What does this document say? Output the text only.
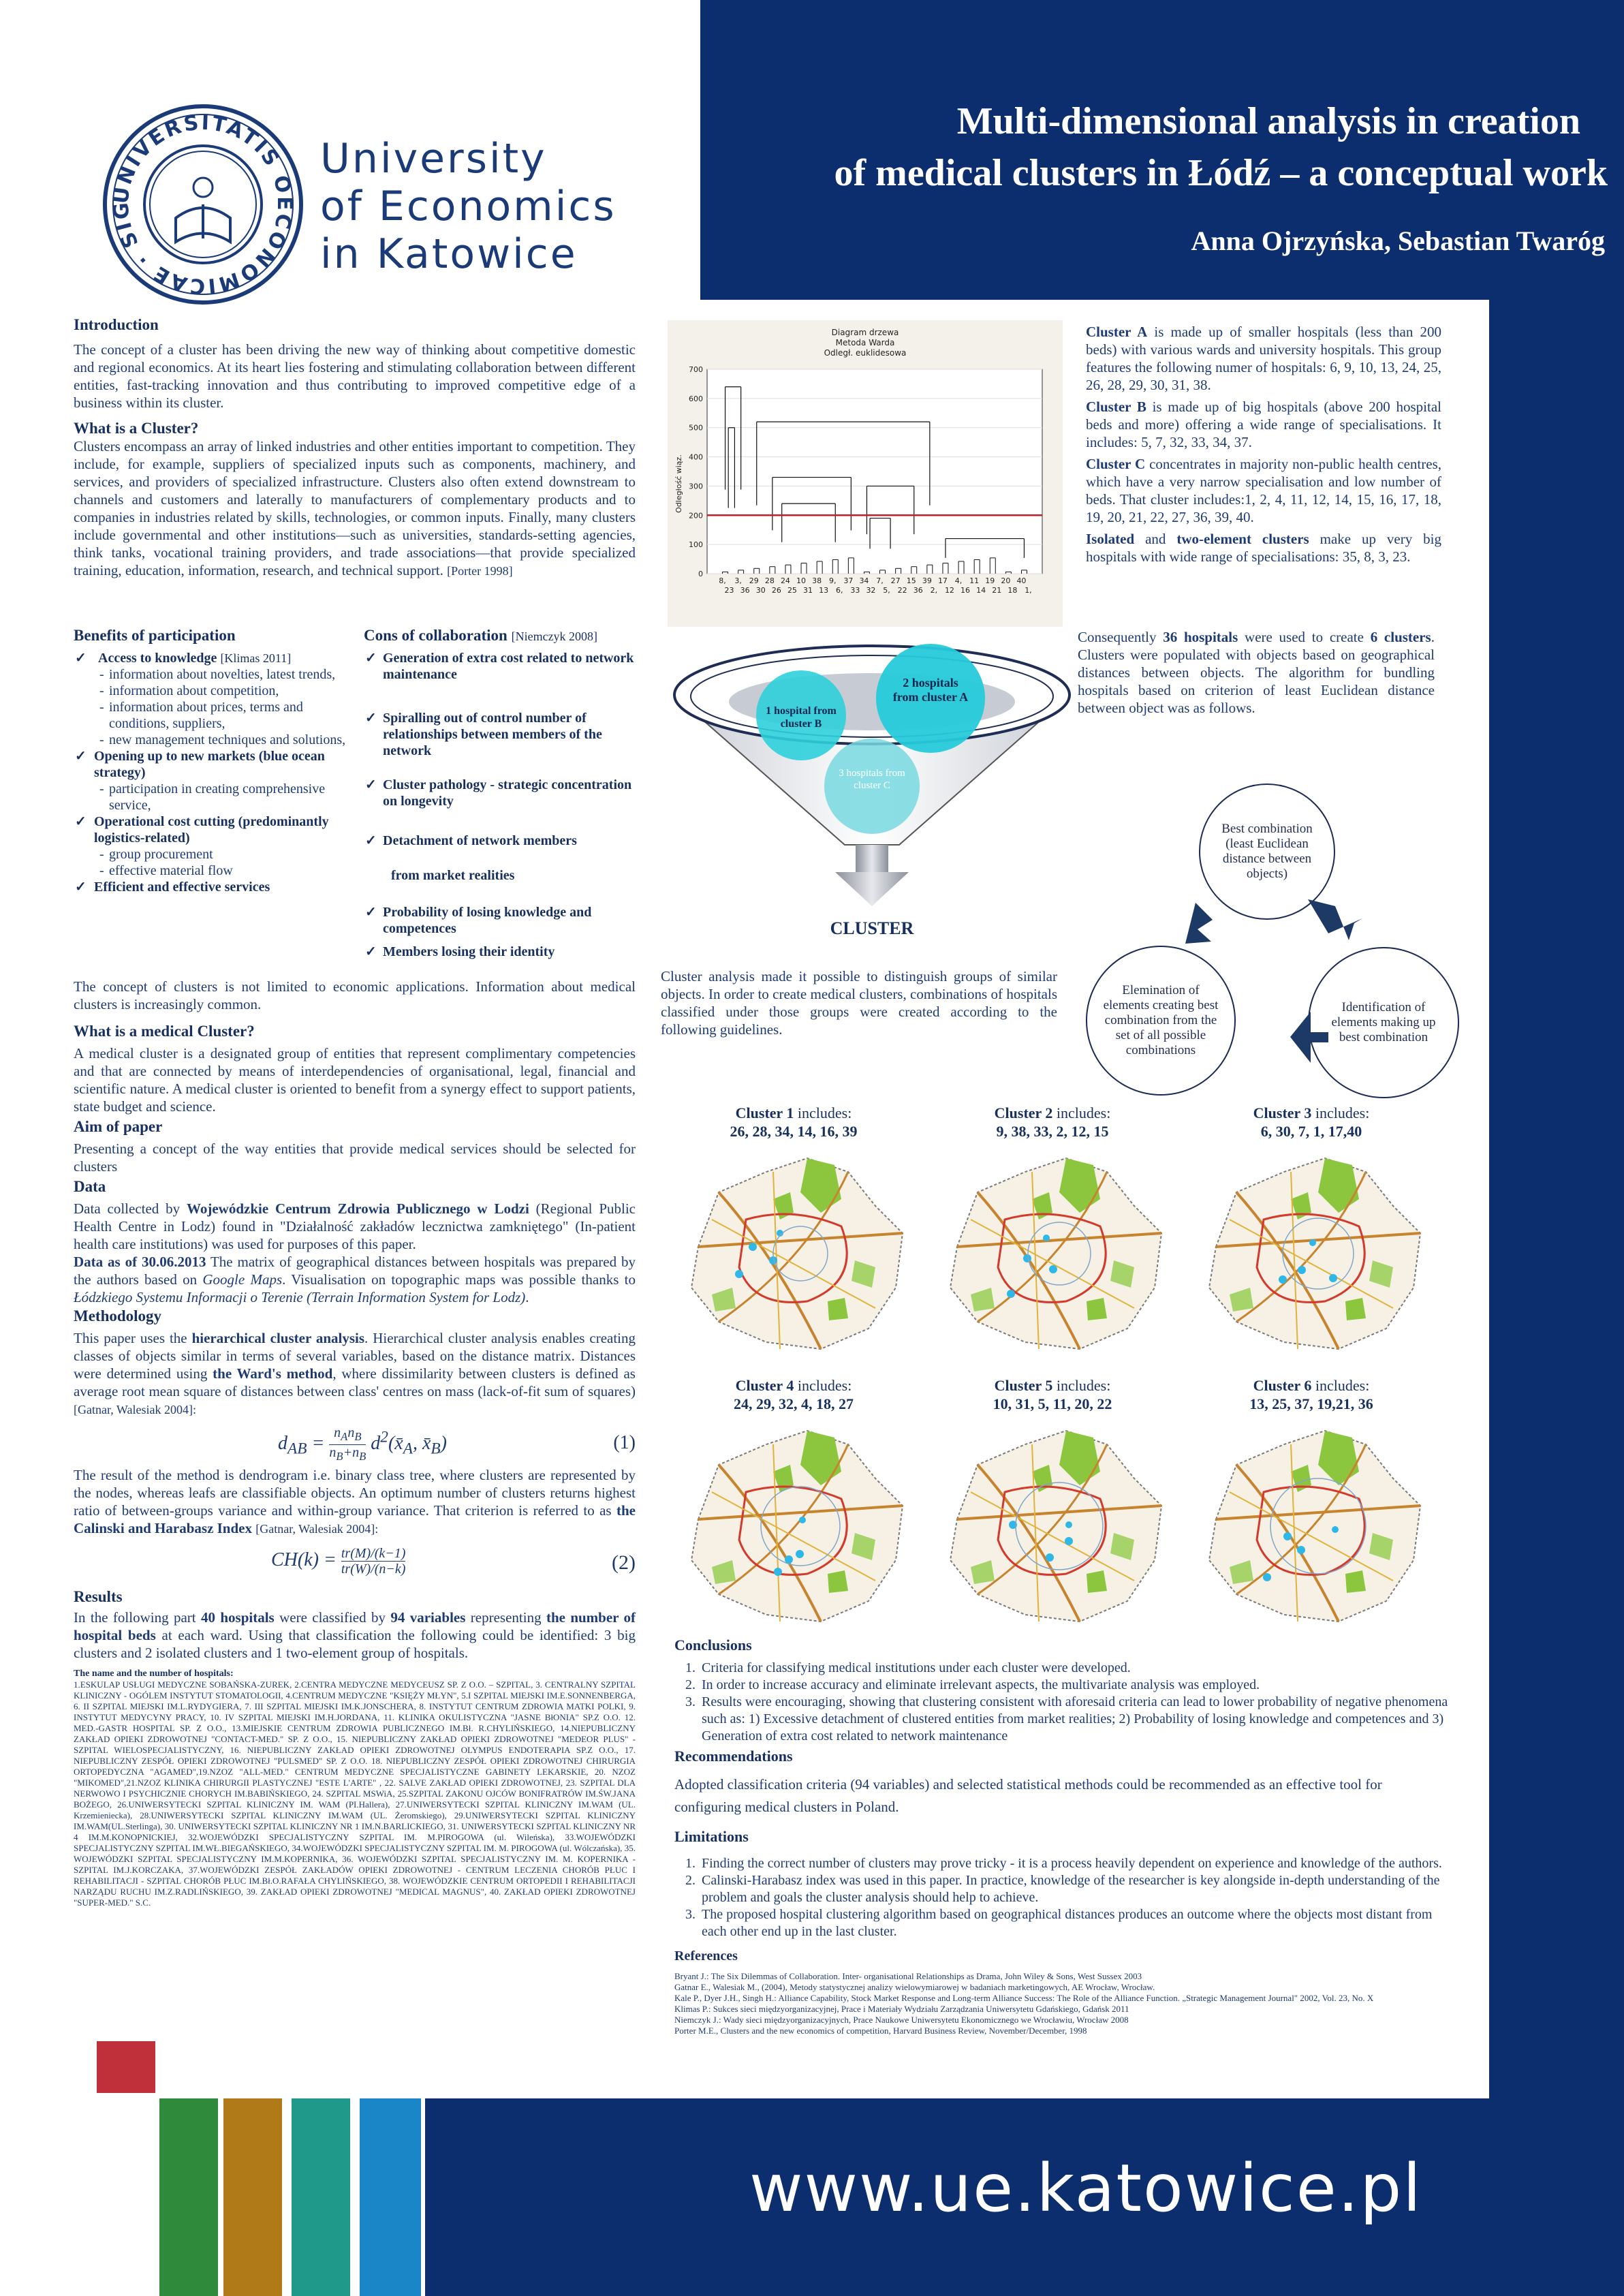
UNIVERSITATIS OECONOMICAE · SIG
University
of Economics
in Katowice
Multi-dimensional analysis in creation
of medical clusters in Łódź – a conceptual work
Anna Ojrzyńska, Sebastian Twaróg

Introduction

The concept of a cluster has been driving the new way of thinking about competitive domestic and regional economics. At its heart lies fostering and stimulating collaboration between different entities, fast-tracking innovation and thus contributing to improved competitive edge of a business within its cluster.

What is a Cluster?

Clusters encompass an array of linked industries and other entities important to competition. They include, for example, suppliers of specialized inputs such as components, machinery, and services, and providers of specialized infrastructure. Clusters also often extend downstream to channels and customers and laterally to manufacturers of complementary products and to companies in industries related by skills, technologies, or common inputs. Finally, many clusters include governmental and other institutions—such as universities, standards-setting agencies, think tanks, vocational training providers, and trade associations—that provide specialized training, education, information, research, and technical support. [Porter 1998]

Benefits of participation

✓ Access to knowledge [Klimas 2011]
- information about novelties, latest trends,
- information about competition,
- information about prices, terms and conditions, suppliers,
- new management techniques and solutions,
✓ Opening up to new markets (blue ocean strategy)
- participation in creating comprehensive service,
✓ Operational cost cutting (predominantly logistics-related)
- group procurement
- effective material flow
✓ Efficient and effective services

Cons of collaboration [Niemczyk 2008]

✓ Generation of extra cost related to network maintenance
✓ Spiralling out of control number of relationships between members of the network
✓ Cluster pathology - strategic concentration on longevity
✓ Detachment of network members
from market realities
✓ Probability of losing knowledge and competences
✓ Members losing their identity

The concept of clusters is not limited to economic applications. Information about medical clusters is increasingly common.

What is a medical Cluster?

A medical cluster is a designated group of entities that represent complimentary competencies and that are connected by means of interdependencies of organisational, legal, financial and scientific nature. A medical cluster is oriented to benefit from a synergy effect to support patients, state budget and science.

Aim of paper

Presenting a concept of the way entities that provide medical services should be selected for clusters

Data

Data collected by Wojewódzkie Centrum Zdrowia Publicznego w Lodzi (Regional Public Health Centre in Lodz) found in "Działalność zakładów lecznictwa zamkniętego" (In-patient health care institutions) was used for purposes of this paper.

Data as of 30.06.2013 The matrix of geographical distances between hospitals was prepared by the authors based on Google Maps. Visualisation on topographic maps was possible thanks to Łódzkiego Systemu Informacji o Terenie (Terrain Information System for Lodz).

Methodology

This paper uses the hierarchical cluster analysis. Hierarchical cluster analysis enables creating classes of objects similar in terms of several variables, based on the distance matrix. Distances were determined using the Ward's method, where dissimilarity between clusters is defined as average root mean square of distances between class' centres on mass (lack-of-fit sum of squares) [Gatnar, Walesiak 2004]:

$d_{AB} = n_An_B$
$n_B+n_B$
$d^2(x̄_A$, $x̄_B$)	(1)

The result of the method is dendrogram i.e. binary class tree, where clusters are represented by the nodes, whereas leafs are classifiable objects. An optimum number of clusters returns highest ratio of between-groups variance and within-group variance. That criterion is referred to as the Calinski and Harabasz Index [Gatnar, Walesiak 2004]:

$CH(k) = \frac{tr(M)/(k-1)}{tr(W)/(n-k)}$	(2)

Results

In the following part 40 hospitals were classified by 94 variables representing the number of hospital beds at each ward. Using that classification the following could be identified: 3 big clusters and 2 isolated clusters and 1 two-element group of hospitals.

The name and the number of hospitals:

1.ESKULAP USŁUGI MEDYCZNE SOBAŃSKA-ZUREK, 2.CENTRA MEDYCZNE MEDYCEUSZ SP. Z O.O. – SZPITAL, 3. CENTRALNY SZPITAL KLINICZNY - OGÓLEM INSTYTUT STOMATOLOGII, 4.CENTRUM MEDYCZNE "KSIĘŻY MŁYN", 5.I SZPITAL MIEJSKI IM.E.SONNENBERGA, 6. II SZPITAL MIEJSKI IM.L.RYDYGIERA, 7. III SZPITAL MIEJSKI IM.K.JONSCHERA, 8. INSTYTUT CENTRUM ZDROWIA MATKI POLKI, 9. INSTYTUT MEDYCYNY PRACY, 10. IV SZPITAL MIEJSKI IM.H.JORDANA, 11. KLINIKA OKULISTYCZNA "JASNE BłONIA" SP.Z O.O. 12. MED.-GASTR HOSPITAL SP. Z O.O., 13.MIEJSKIE CENTRUM ZDROWIA PUBLICZNEGO IM.Bł. R.CHYLIŃSKIEGO, 14.NIEPUBLICZNY ZAKŁAD OPIEKI ZDROWOTNEJ "CONTACT-MED." SP. Z O.O., 15. NIEPUBLICZNY ZAKŁAD OPIEKI ZDROWOTNEJ "MEDEOR PLUS" - SZPITAL WIELOSPECJALISTYCZNY, 16. NIEPUBLICZNY ZAKŁAD OPIEKI ZDROWOTNEJ OLYMPUS ENDOTERAPIA SP.Z O.O., 17. NIEPUBLICZNY ZESPÓŁ OPIEKI ZDROWOTNEJ "PULSMED" SP. Z O.O. 18. NIEPUBLICZNY ZESPÓŁ OPIEKI ZDROWOTNEJ CHIRURGIA ORTOPEDYCZNA "AGAMED",19.NZOZ "ALL-MED." CENTRUM MEDYCZNE SPECJALISTYCZNE GABINETY LEKARSKIE, 20. NZOZ "MIKOMED",21.NZOZ KLINIKA CHIRURGII PLASTYCZNEJ "ESTE L'ARTE" , 22. SALVE ZAKŁAD OPIEKI ZDROWOTNEJ, 23. SZPITAL DLA NERWOWO I PSYCHICZNIE CHORYCH IM.BABIŃSKIEGO, 24. SZPITAL MSWiA, 25.SZPITAL ZAKONU OJCÓW BONIFRATRÓW IM.ŚW.JANA BOŻEGO, 26.UNIWERSYTECKI SZPITAL KLINICZNY IM. WAM (PI.Hallera), 27.UNIWERSYTECKI SZPITAL KLINICZNY IM.WAM (UL. Krzemieniecka), 28.UNIWERSYTECKI SZPITAL KLINICZNY IM.WAM (UL. Żeromskiego), 29.UNIWERSYTECKI SZPITAL KLINICZNY IM.WAM(UL.Sterlinga), 30. UNIWERSYTECKI SZPITAL KLINICZNY NR 1 IM.N.BARLICKIEGO, 31. UNIWERSYTECKI SZPITAL KLINICZNY NR 4 IM.M.KONOPNICKIEJ, 32.WOJEWÓDZKI SPECJALISTYCZNY SZPITAL IM. M.PIROGOWA (ul. Wileńska), 33.WOJEWÓDZKI SPECJALISTYCZNY SZPITAL IM.WŁ.BIEGAŃSKIEGO, 34.WOJEWÓDZKI SPECJALISTYCZNY SZPITAL IM. M. PIROGOWA (ul. Wólczańska), 35. WOJEWÓDZKI SZPITAL SPECJALISTYCZNY IM.M.KOPERNIKA, 36. WOJEWÓDZKI SZPITAL SPECJALISTYCZNY IM. M. KOPERNIKA -SZPITAL IM.J.KORCZAKA, 37.WOJEWÓDZKI ZESPÓŁ ZAKŁADÓW OPIEKI ZDROWOTNEJ - CENTRUM LECZENIA CHORÓB PŁUC I REHABILITACJI - SZPITAL CHORÓB PŁUC IM.Bł.O.RAFAŁA CHYLIŃSKIEGO, 38. WOJEWÓDZKIE CENTRUM ORTOPEDII I REHABILITACJI NARZĄDU RUCHU IM.Z.RADLIŃSKIEGO, 39. ZAKŁAD OPIEKI ZDROWOTNEJ "MEDICAL MAGNUS", 40. ZAKŁAD OPIEKI ZDROWOTNEJ "SUPER-MED." S.C.

Diagram drzewa
Metoda Warda
Odległ. euklidesowa
Odległość wiąz.
0
100
200
300
400
500
600
700
8,
23
3,
36
29
30
28
26
24
25
10
31
38
13
9,
6,
37
33
34
32
7,
5,
27
22
15
36
39
2,
17
12
4,
16
11
14
19
21
20
18
40
1,

Cluster A is made up of smaller hospitals (less than 200 beds) with various wards and university hospitals. This group features the following numer of hospitals: 6, 9, 10, 13, 24, 25, 26, 28, 29, 30, 31, 38.

Cluster B is made up of big hospitals (above 200 hospital beds and more) offering a wide range of specialisations. It includes: 5, 7, 32, 33, 34, 37.

Cluster C concentrates in majority non-public health centres, which have a very narrow specialisation and low number of beds. That cluster includes:1, 2, 4, 11, 12, 14, 15, 16, 17, 18, 19, 20, 21, 22, 27, 36, 39, 40.

Isolated and two-element clusters make up very big hospitals with wide range of specialisations: 35, 8, 3, 23.

Consequently 36 hospitals were used to create 6 clusters. Clusters were populated with objects based on geographical distances between objects. The algorithm for bundling hospitals based on criterion of least Euclidean distance between object was as follows.

1 hospital from cluster B
2 hospitals from cluster A
3 hospitals from cluster C
CLUSTER
Best combination (least Euclidean distance between objects)
Identification of elements making up best combination
Elemination of elements creating best combination from the set of all possible combinations

Cluster analysis made it possible to distinguish groups of similar objects. In order to create medical clusters, combinations of hospitals classified under those groups were created according to the following guidelines.

Cluster 1 includes:
26, 28, 34, 14, 16, 39
Cluster 2 includes:
9, 38, 33, 2, 12, 15
Cluster 3 includes:
6, 30, 7, 1, 17,40
Cluster 4 includes:
24, 29, 32, 4, 18, 27
Cluster 5 includes:
10, 31, 5, 11, 20, 22
Cluster 6 includes:
13, 25, 37, 19,21, 36

Conclusions

1. Criteria for classifying medical institutions under each cluster were developed.
2. In order to increase accuracy and eliminate irrelevant aspects, the multivariate analysis was employed.
3. Results were encouraging, showing that clustering consistent with aforesaid criteria can lead to lower probability of negative phenomena such as: 1) Excessive detachment of clustered entities from market realities; 2) Probability of losing knowledge and competences and 3) Generation of extra cost related to network maintenance

Recommendations

Adopted classification criteria (94 variables) and selected statistical methods could be recommended as an effective tool for configuring medical clusters in Poland.

Limitations

1. Finding the correct number of clusters may prove tricky - it is a process heavily dependent on experience and knowledge of the authors.
2. Calinski-Harabasz index was used in this paper. In practice, knowledge of the researcher is key alongside in-depth understanding of the problem and goals the cluster analysis should help to achieve.
3. The proposed hospital clustering algorithm based on geographical distances produces an outcome where the objects most distant from each other end up in the last cluster.

References

Bryant J.: The Six Dilemmas of Collaboration. Inter- organisational Relationships as Drama, John Wiley & Sons, West Sussex 2003
Gatnar E., Walesiak M., (2004), Metody statystycznej analizy wielowymiarowej w badaniach marketingowych, AE Wrocław, Wrocław.
Kale P., Dyer J.H., Singh H.: Alliance Capability, Stock Market Response and Long-term Alliance Success: The Role of the Alliance Function. „Strategic Management Journal" 2002, Vol. 23, No. X
Klimas P.: Sukces sieci międzyorganizacyjnej, Prace i Materiały Wydziału Zarządzania Uniwersytetu Gdańskiego, Gdańsk 2011
Niemczyk J.: Wady sieci międzyorganizacyjnych, Prace Naukowe Uniwersytetu Ekonomicznego we Wrocławiu, Wrocław 2008
Porter M.E., Clusters and the new economics of competition, Harvard Business Review, November/December, 1998
www.ue.katowice.pl
